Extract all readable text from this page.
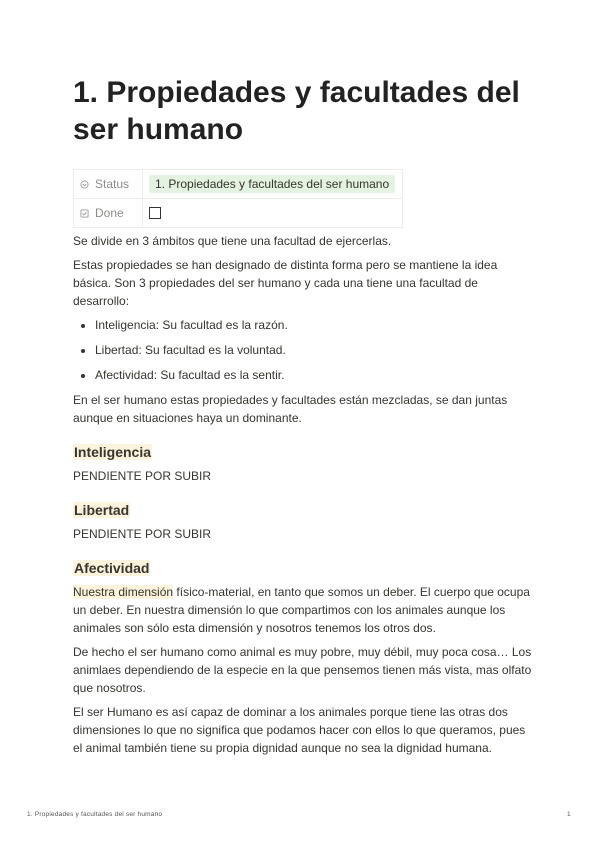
1. Propiedades y facultades del ser humano
Status	1. Propiedades y facultades del ser humano
Done	

Se divide en 3 ámbitos que tiene una facultad de ejercerlas.

Estas propiedades se han designado de distinta forma pero se mantiene la idea básica. Son 3 propiedades del ser humano y cada una tiene una facultad de desarrollo:

• Inteligencia: Su facultad es la razón.
• Libertad: Su facultad es la voluntad.
• Afectividad: Su facultad es la sentir.

En el ser humano estas propiedades y facultades están mezcladas, se dan juntas aunque en situaciones haya un dominante.

Inteligencia

PENDIENTE POR SUBIR

Libertad

PENDIENTE POR SUBIR

Afectividad

Nuestra dimensión físico-material, en tanto que somos un deber. El cuerpo que ocupa un deber. En nuestra dimensión lo que compartimos con los animales aunque los animales son sólo esta dimensión y nosotros tenemos los otros dos.

De hecho el ser humano como animal es muy pobre, muy débil, muy poca cosa… Los animlaes dependiendo de la especie en la que pensemos tienen más vista, mas olfato que nosotros.

El ser Humano es así capaz de dominar a los animales porque tiene las otras dos dimensiones lo que no significa que podamos hacer con ellos lo que queramos, pues el animal también tiene su propia dignidad aunque no sea la dignidad humana.

1. Propiedades y facultades del ser humano	1
